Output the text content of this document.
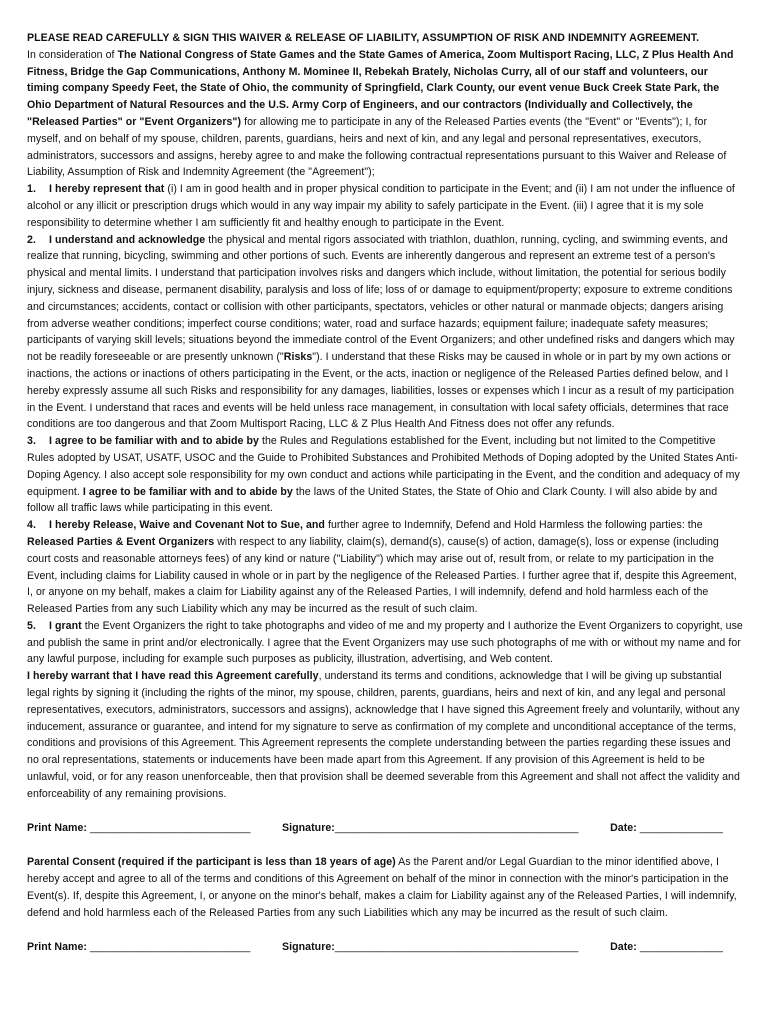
PLEASE READ CAREFULLY & SIGN THIS WAIVER & RELEASE OF LIABILITY, ASSUMPTION OF RISK AND INDEMNITY AGREEMENT.

In consideration of The National Congress of State Games and the State Games of America, Zoom Multisport Racing, LLC, Z Plus Health And Fitness, Bridge the Gap Communications, Anthony M. Mominee II, Rebekah Brately, Nicholas Curry, all of our staff and volunteers, our timing company Speedy Feet, the State of Ohio, the community of Springfield, Clark County, our event venue Buck Creek State Park, the Ohio Department of Natural Resources and the U.S. Army Corp of Engineers, and our contractors (Individually and Collectively, the "Released Parties" or "Event Organizers") for allowing me to participate in any of the Released Parties events (the "Event" or "Events"); I, for myself, and on behalf of my spouse, children, parents, guardians, heirs and next of kin, and any legal and personal representatives, executors, administrators, successors and assigns, hereby agree to and make the following contractual representations pursuant to this Waiver and Release of Liability, Assumption of Risk and Indemnity Agreement (the "Agreement");

1. I hereby represent that (i) I am in good health and in proper physical condition to participate in the Event; and (ii) I am not under the influence of alcohol or any illicit or prescription drugs which would in any way impair my ability to safely participate in the Event. (iii) I agree that it is my sole responsibility to determine whether I am sufficiently fit and healthy enough to participate in the Event.

2. I understand and acknowledge the physical and mental rigors associated with triathlon, duathlon, running, cycling, and swimming events, and realize that running, bicycling, swimming and other portions of such. Events are inherently dangerous and represent an extreme test of a person's physical and mental limits. I understand that participation involves risks and dangers which include, without limitation, the potential for serious bodily injury, sickness and disease, permanent disability, paralysis and loss of life; loss of or damage to equipment/property; exposure to extreme conditions and circumstances; accidents, contact or collision with other participants, spectators, vehicles or other natural or manmade objects; dangers arising from adverse weather conditions; imperfect course conditions; water, road and surface hazards; equipment failure; inadequate safety measures; participants of varying skill levels; situations beyond the immediate control of the Event Organizers; and other undefined risks and dangers which may not be readily foreseeable or are presently unknown ("Risks"). I understand that these Risks may be caused in whole or in part by my own actions or inactions, the actions or inactions of others participating in the Event, or the acts, inaction or negligence of the Released Parties defined below, and I hereby expressly assume all such Risks and responsibility for any damages, liabilities, losses or expenses which I incur as a result of my participation in the Event. I understand that races and events will be held unless race management, in consultation with local safety officials, determines that race conditions are too dangerous and that Zoom Multisport Racing, LLC & Z Plus Health And Fitness does not offer any refunds.

3. I agree to be familiar with and to abide by the Rules and Regulations established for the Event, including but not limited to the Competitive Rules adopted by USAT, USATF, USOC and the Guide to Prohibited Substances and Prohibited Methods of Doping adopted by the United States Anti-Doping Agency. I also accept sole responsibility for my own conduct and actions while participating in the Event, and the condition and adequacy of my equipment. I agree to be familiar with and to abide by the laws of the United States, the State of Ohio and Clark County. I will also abide by and follow all traffic laws while participating in this event.

4. I hereby Release, Waive and Covenant Not to Sue, and further agree to Indemnify, Defend and Hold Harmless the following parties: the Released Parties & Event Organizers with respect to any liability, claim(s), demand(s), cause(s) of action, damage(s), loss or expense (including court costs and reasonable attorneys fees) of any kind or nature ("Liability") which may arise out of, result from, or relate to my participation in the Event, including claims for Liability caused in whole or in part by the negligence of the Released Parties. I further agree that if, despite this Agreement, I, or anyone on my behalf, makes a claim for Liability against any of the Released Parties, I will indemnify, defend and hold harmless each of the Released Parties from any such Liability which any may be incurred as the result of such claim.

5. I grant the Event Organizers the right to take photographs and video of me and my property and I authorize the Event Organizers to copyright, use and publish the same in print and/or electronically. I agree that the Event Organizers may use such photographs of me with or without my name and for any lawful purpose, including for example such purposes as publicity, illustration, advertising, and Web content.

I hereby warrant that I have read this Agreement carefully, understand its terms and conditions, acknowledge that I will be giving up substantial legal rights by signing it (including the rights of the minor, my spouse, children, parents, guardians, heirs and next of kin, and any legal and personal representatives, executors, administrators, successors and assigns), acknowledge that I have signed this Agreement freely and voluntarily, without any inducement, assurance or guarantee, and intend for my signature to serve as confirmation of my complete and unconditional acceptance of the terms, conditions and provisions of this Agreement. This Agreement represents the complete understanding between the parties regarding these issues and no oral representations, statements or inducements have been made apart from this Agreement. If any provision of this Agreement is held to be unlawful, void, or for any reason unenforceable, then that provision shall be deemed severable from this Agreement and shall not affect the validity and enforceability of any remaining provisions.

Print Name: ___________________________	Signature:_________________________________________	Date: ______________

Parental Consent (required if the participant is less than 18 years of age) As the Parent and/or Legal Guardian to the minor identified above, I hereby accept and agree to all of the terms and conditions of this Agreement on behalf of the minor in connection with the minor's participation in the Event(s). If, despite this Agreement, I, or anyone on the minor's behalf, makes a claim for Liability against any of the Released Parties, I will indemnify, defend and hold harmless each of the Released Parties from any such Liabilities which any may be incurred as the result of such claim.

Print Name: ___________________________	Signature:_________________________________________	Date: ______________
